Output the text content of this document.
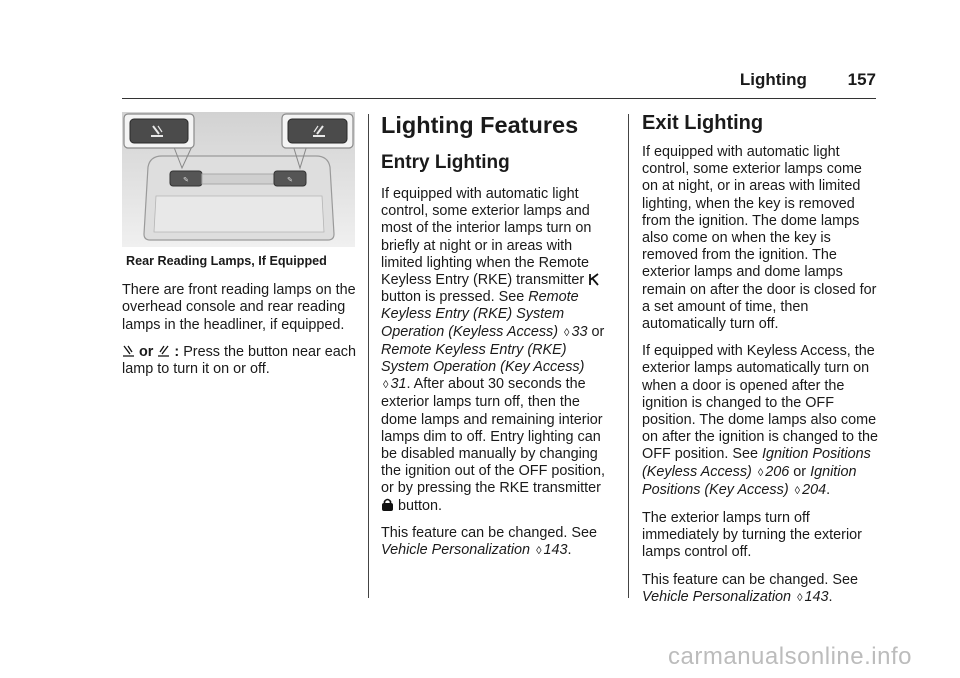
Lighting 157
✎	✎
Rear Reading Lamps, If Equipped

There are front reading lamps on the overhead console and rear reading lamps in the headliner, if equipped.

or : Press the button near each lamp to turn it on or off.

Lighting Features
Entry Lighting

If equipped with automatic light control, some exterior lamps and most of the interior lamps turn on briefly at night or in areas with limited lighting when the Remote Keyless Entry (RKE) transmitter  button is pressed. See Remote Keyless Entry (RKE) System Operation (Keyless Access) ◊ 33 or Remote Keyless Entry (RKE) System Operation (Key Access) ◊ 31. After about 30 seconds the exterior lamps turn off, then the dome lamps and remaining interior lamps dim to off. Entry lighting can be disabled manually by changing the ignition out of the OFF position, or by pressing the RKE transmitter  button.

This feature can be changed. See Vehicle Personalization ◊ 143.

Exit Lighting

If equipped with automatic light control, some exterior lamps come on at night, or in areas with limited lighting, when the key is removed from the ignition. The dome lamps also come on when the key is removed from the ignition. The exterior lamps and dome lamps remain on after the door is closed for a set amount of time, then automatically turn off.

If equipped with Keyless Access, the exterior lamps automatically turn on when a door is opened after the ignition is changed to the OFF position. The dome lamps also come on after the ignition is changed to the OFF position. See Ignition Positions (Keyless Access) ◊ 206 or Ignition Positions (Key Access) ◊ 204.

The exterior lamps turn off immediately by turning the exterior lamps control off.

This feature can be changed. See Vehicle Personalization ◊ 143.

carmanualsonline.info
